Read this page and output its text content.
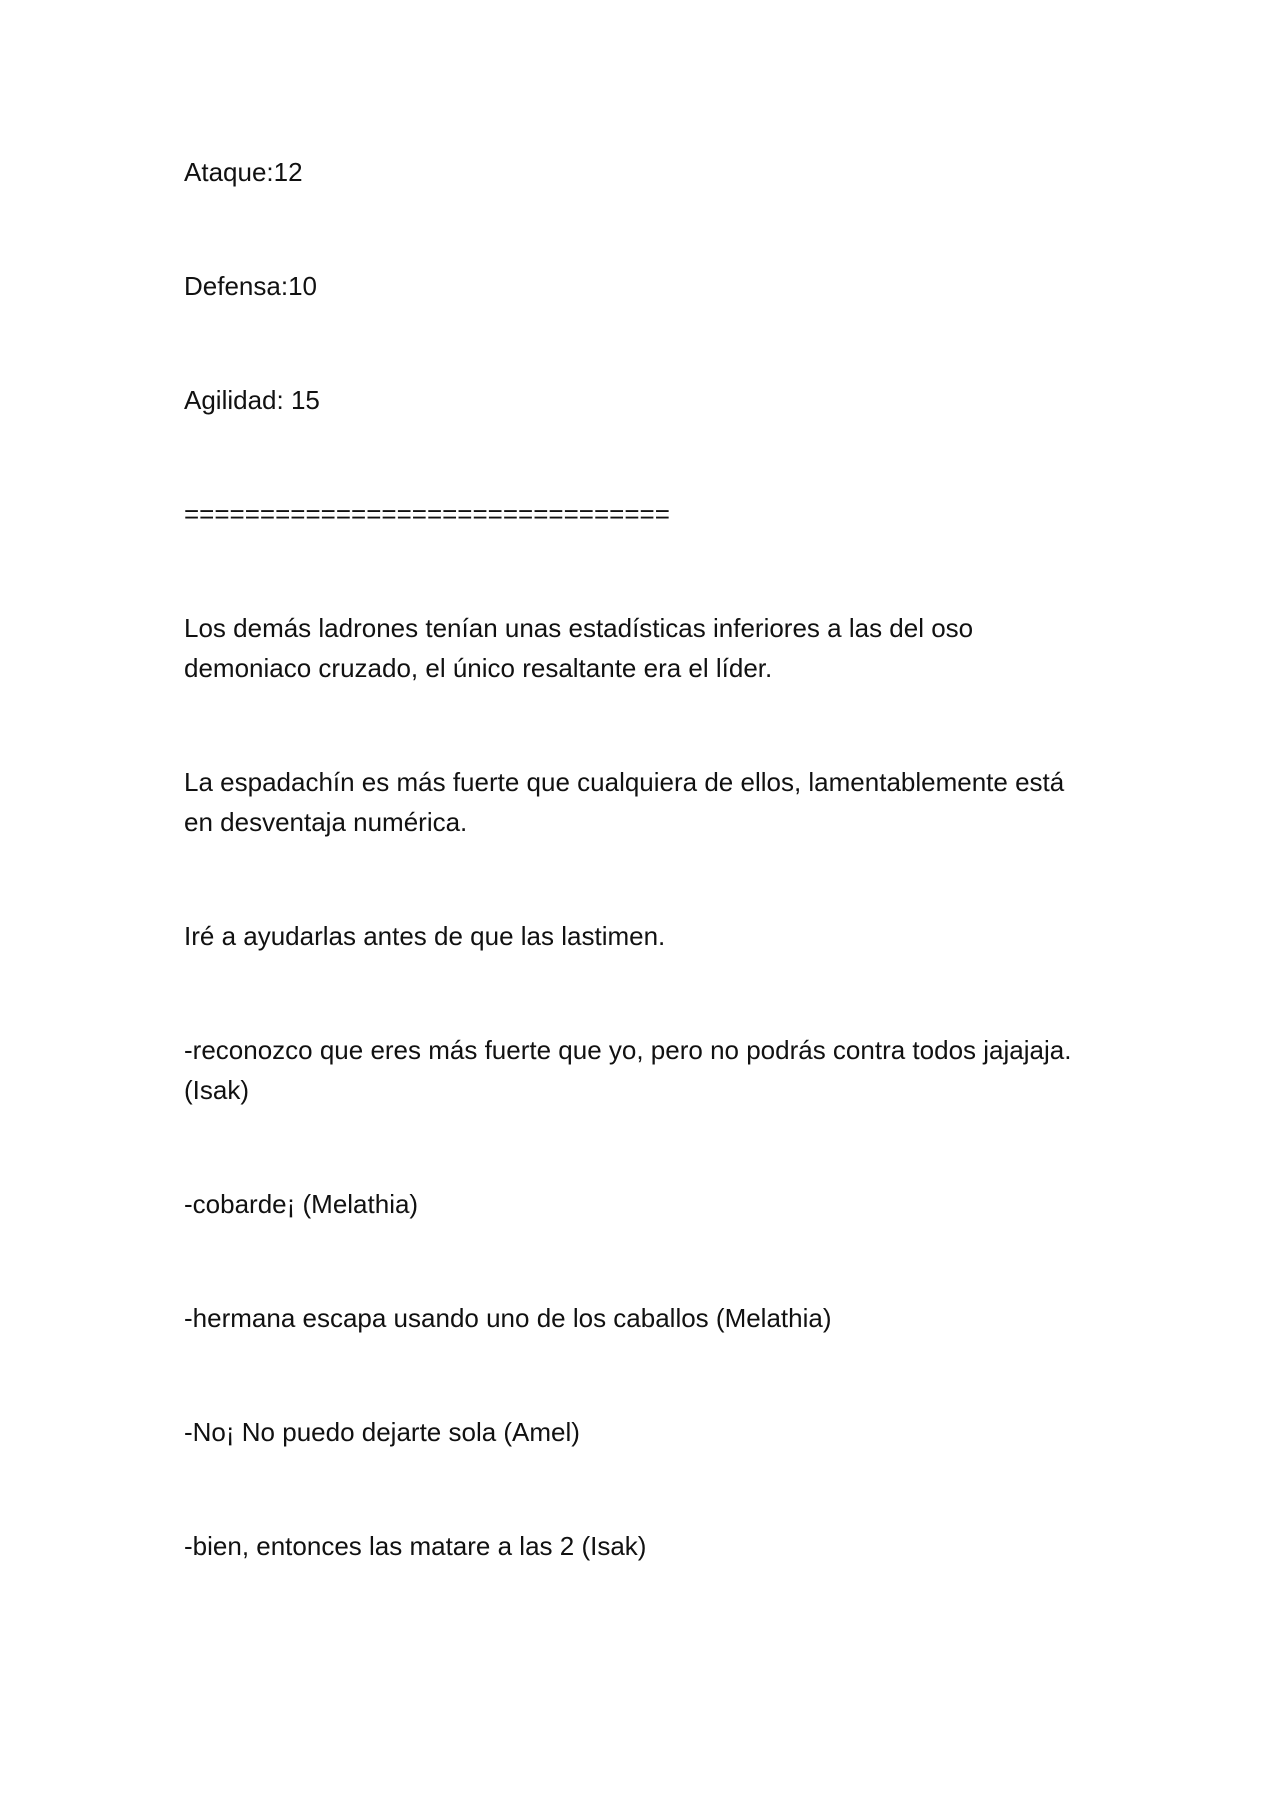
Ataque:12

Defensa:10

Agilidad: 15

================================

Los demás ladrones tenían unas estadísticas inferiores a las del oso demoniaco cruzado, el único resaltante era el líder.

La espadachín es más fuerte que cualquiera de ellos, lamentablemente está en desventaja numérica.

Iré a ayudarlas antes de que las lastimen.

-reconozco que eres más fuerte que yo, pero no podrás contra todos jajajaja. (Isak)

-cobarde¡ (Melathia)

-hermana escapa usando uno de los caballos (Melathia)

-No¡ No puedo dejarte sola (Amel)

-bien, entonces las matare a las 2 (Isak)
